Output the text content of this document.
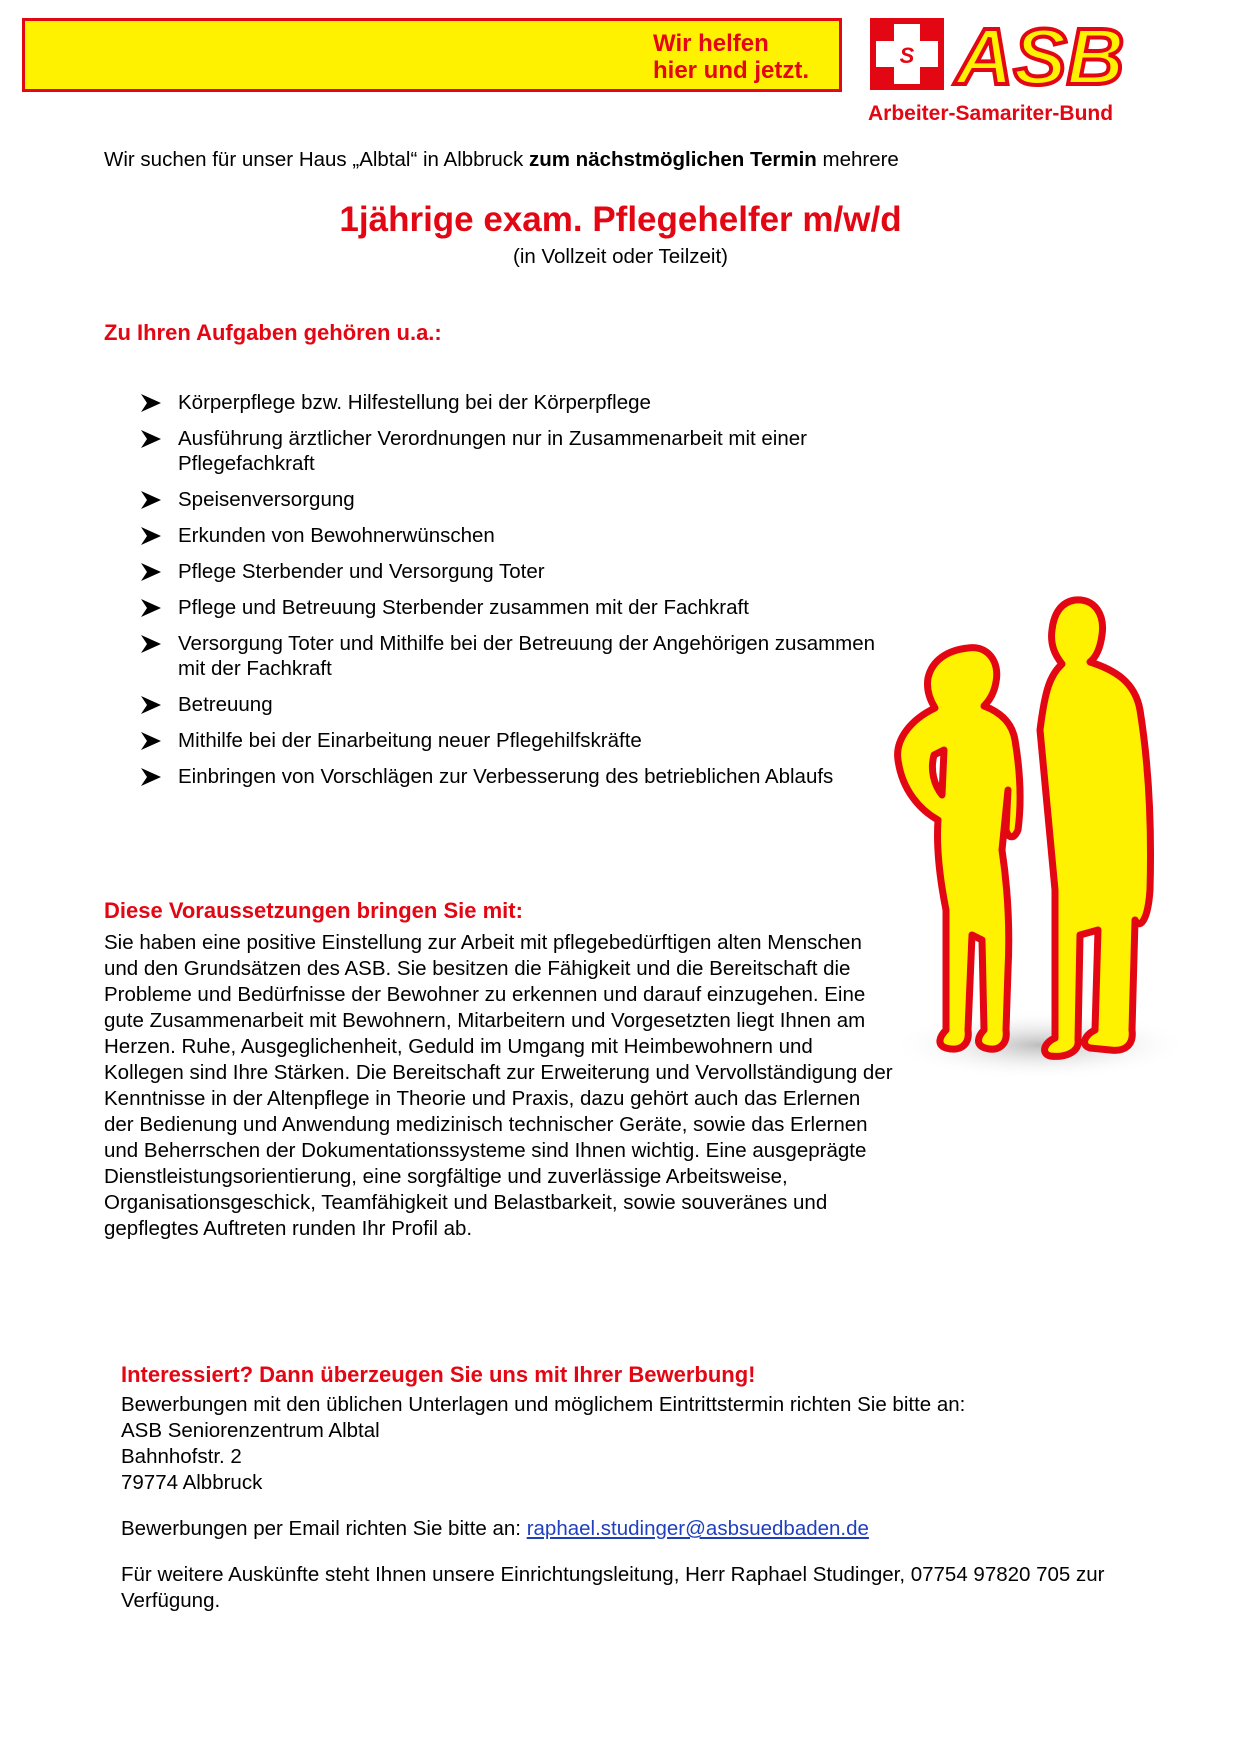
Wir helfen
hier und jetzt.
S ASB
Arbeiter-Samariter-Bund
Wir suchen für unser Haus „Albtal“ in Albbruck zum nächstmöglichen Termin mehrere
1jährige exam. Pflegehelfer m/w/d
(in Vollzeit oder Teilzeit)
Zu Ihren Aufgaben gehören u.a.:
Körperpflege bzw. Hilfestellung bei der Körperpflege
Ausführung ärztlicher Verordnungen nur in Zusammenarbeit mit einer Pflegefachkraft
Speisenversorgung
Erkunden von Bewohnerwünschen
Pflege Sterbender und Versorgung Toter
Pflege und Betreuung Sterbender zusammen mit der Fachkraft
Versorgung Toter und Mithilfe bei der Betreuung der Angehörigen zusammen mit der Fachkraft
Betreuung
Mithilfe bei der Einarbeitung neuer Pflegehilfskräfte
Einbringen von Vorschlägen zur Verbesserung des betrieblichen Ablaufs
Diese Voraussetzungen bringen Sie mit:
Sie haben eine positive Einstellung zur Arbeit mit pflegebedürftigen alten Menschen und den Grundsätzen des ASB. Sie besitzen die Fähigkeit und die Bereitschaft die Probleme und Bedürfnisse der Bewohner zu erkennen und darauf einzugehen. Eine gute Zusammenarbeit mit Bewohnern, Mitarbeitern und Vorgesetzten liegt Ihnen am Herzen. Ruhe, Ausgeglichenheit, Geduld im Umgang mit Heimbewohnern und Kollegen sind Ihre Stärken. Die Bereitschaft zur Erweiterung und Vervollständigung der Kenntnisse in der Altenpflege in Theorie und Praxis, dazu gehört auch das Erlernen der Bedienung und Anwendung medizinisch technischer Geräte, sowie das Erlernen und Beherrschen der Dokumentationssysteme sind Ihnen wichtig. Eine ausgeprägte Dienstleistungsorientierung, eine sorgfältige und zuverlässige Arbeitsweise, Organisationsgeschick, Teamfähigkeit und Belastbarkeit, sowie souveränes und gepflegtes Auftreten runden Ihr Profil ab.
Interessiert? Dann überzeugen Sie uns mit Ihrer Bewerbung!

Bewerbungen mit den üblichen Unterlagen und möglichem Eintrittstermin richten Sie bitte an:

ASB Seniorenzentrum Albtal

Bahnhofstr. 2

79774 Albbruck

Bewerbungen per Email richten Sie bitte an: raphael.studinger@asbsuedbaden.de

Für weitere Auskünfte steht Ihnen unsere Einrichtungsleitung, Herr Raphael Studinger, 07754 97820 705 zur Verfügung.
